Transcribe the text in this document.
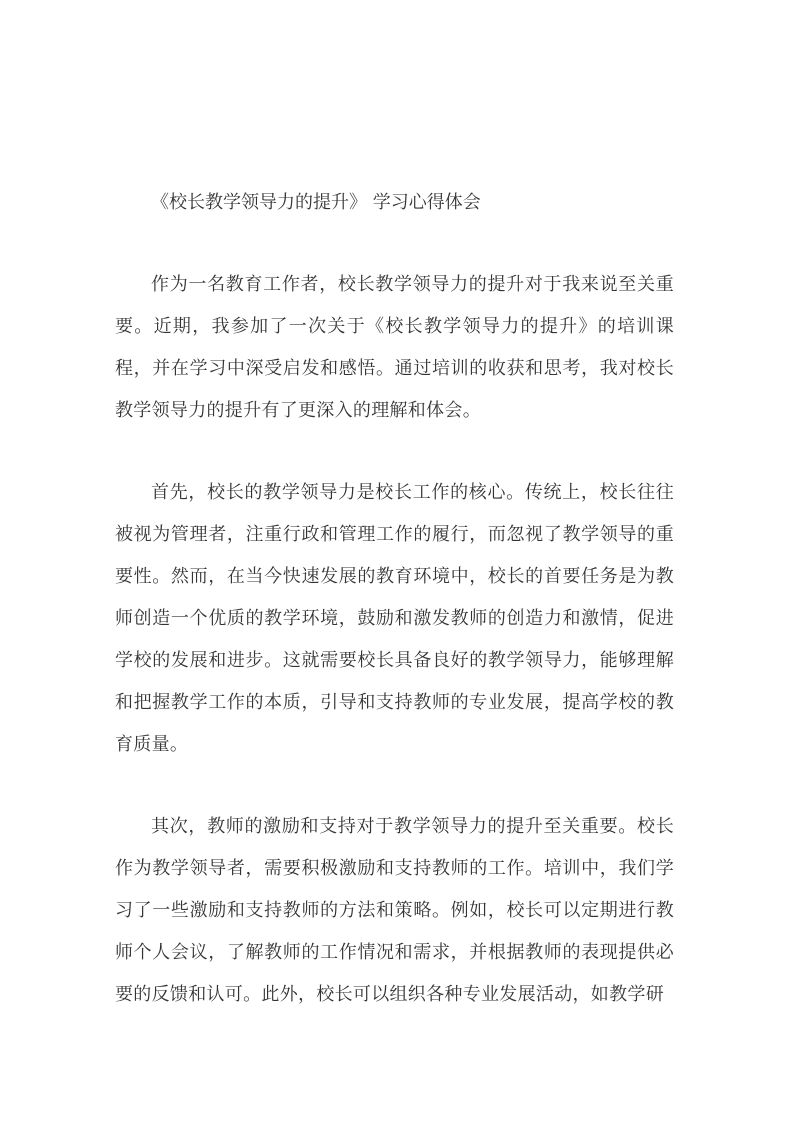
《校长教学领导力的提升》 学习心得体会

作为一名教育工作者，校长教学领导力的提升对于我来说至关重要。近期，我参加了一次关于《校长教学领导力的提升》的培训课程，并在学习中深受启发和感悟。通过培训的收获和思考，我对校长教学领导力的提升有了更深入的理解和体会。

首先，校长的教学领导力是校长工作的核心。传统上，校长往往被视为管理者，注重行政和管理工作的履行，而忽视了教学领导的重要性。然而，在当今快速发展的教育环境中，校长的首要任务是为教师创造一个优质的教学环境，鼓励和激发教师的创造力和激情，促进学校的发展和进步。这就需要校长具备良好的教学领导力，能够理解和把握教学工作的本质，引导和支持教师的专业发展，提高学校的教育质量。

其次，教师的激励和支持对于教学领导力的提升至关重要。校长作为教学领导者，需要积极激励和支持教师的工作。培训中，我们学习了一些激励和支持教师的方法和策略。例如，校长可以定期进行教师个人会议，了解教师的工作情况和需求，并根据教师的表现提供必要的反馈和认可。此外，校长可以组织各种专业发展活动，如教学研
